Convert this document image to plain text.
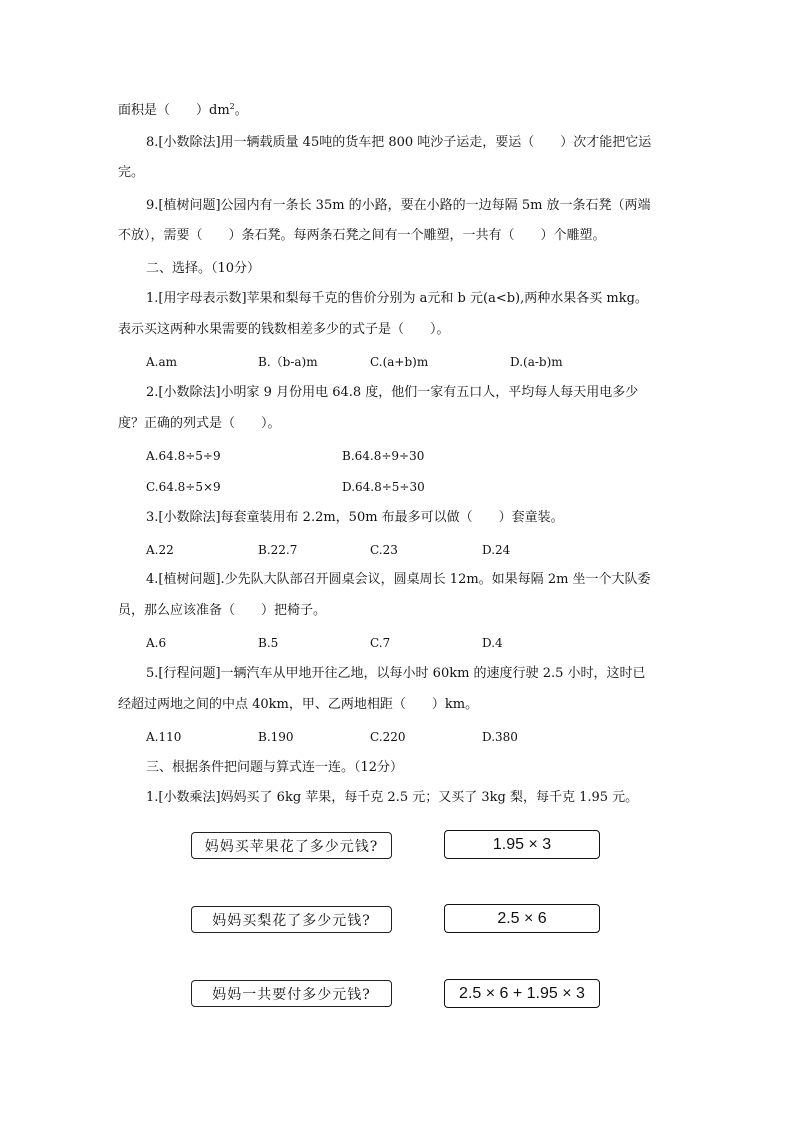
面积是（　　）$dm^2$。
8.[小数除法]用一辆载质量 45吨的货车把 800 吨沙子运走，要运（　　）次才能把它运
完。
9.[植树问题]公园内有一条长 35m 的小路，要在小路的一边每隔 5m 放一条石凳（两端
不放），需要（　　）条石凳。每两条石凳之间有一个雕塑，一共有（　　）个雕塑。
二、选择。（10分）
1.[用字母表示数]苹果和梨每千克的售价分别为 a元和 b 元(a<b),两种水果各买 mkg。
表示买这两种水果需要的钱数相差多少的式子是（　　）。
A.am	B.（b-a)m	C.(a+b)m	D.(a-b)m
2.[小数除法]小明家 9 月份用电 64.8 度，他们一家有五口人，平均每人每天用电多少
度？正确的列式是（　　）。
A.64.8÷5÷9	B.64.8÷9÷30
C.64.8÷5×9	D.64.8÷5÷30
3.[小数除法]每套童装用布 2.2m，50m 布最多可以做（　　）套童装。
A.22	B.22.7	C.23	D.24
4.[植树问题].少先队大队部召开圆桌会议，圆桌周长 12m。如果每隔 2m 坐一个大队委
员，那么应该准备（　　）把椅子。
A.6	B.5	C.7	D.4
5.[行程问题]一辆汽车从甲地开往乙地，以每小时 60km 的速度行驶 2.5 小时，这时已
经超过两地之间的中点 40km，甲、乙两地相距（　　）km。
A.110	B.190	C.220	D.380
三、根据条件把问题与算式连一连。（12分）
1.[小数乘法]妈妈买了 6kg 苹果，每千克 2.5 元；又买了 3kg 梨，每千克 1.95 元。
妈妈买苹果花了多少元钱?
妈妈买梨花了多少元钱?
妈妈一共要付多少元钱?
1.95 × 3
2.5 × 6
2.5 × 6 + 1.95 × 3
